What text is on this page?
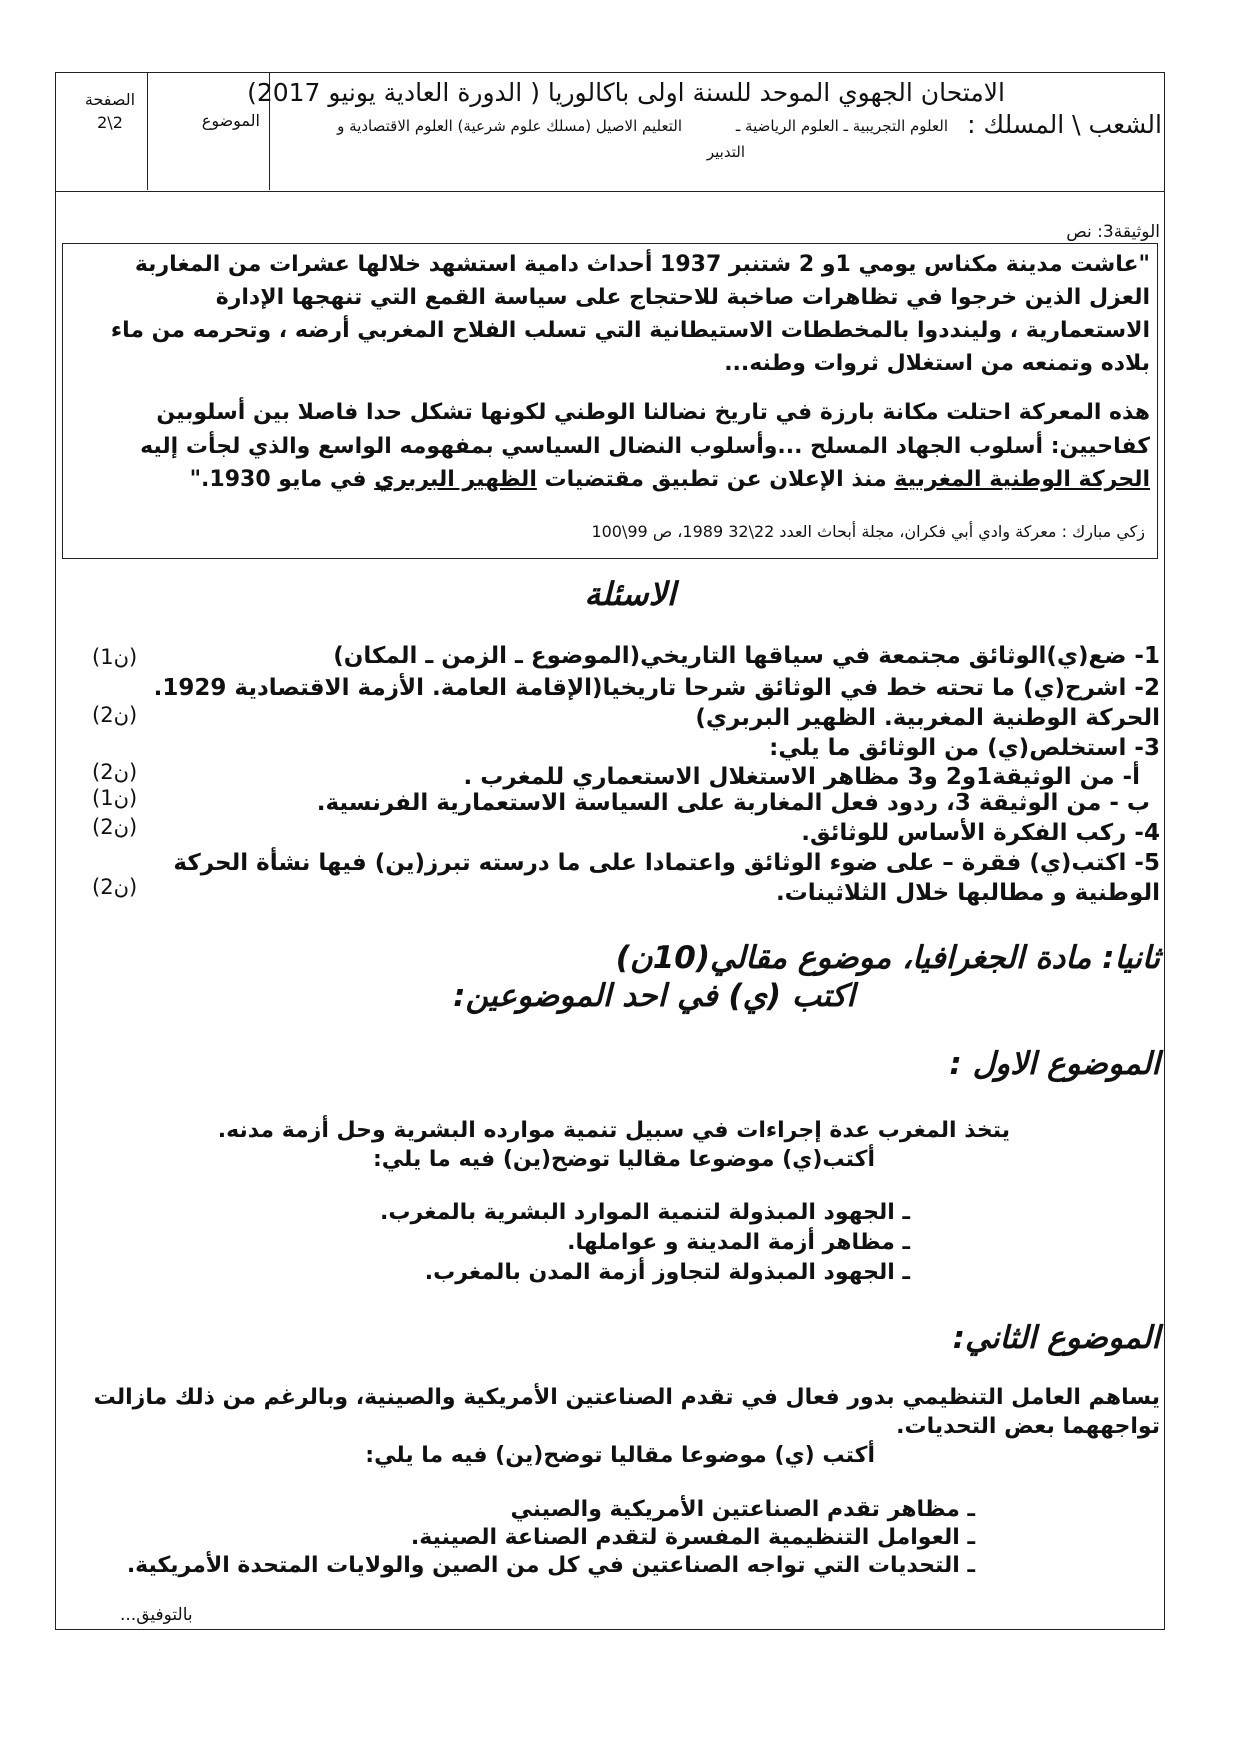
الامتحان الجهوي الموحد للسنة اولى باكالوريا ( الدورة العادية يونيو 2017)
اﻟﺸﻌﺐ \ اﻟﻤﺴﻠﻚ :
العلوم التجريبية ـ العلوم الرياضية ـ
التعليم الاصيل (مسلك علوم شرعية) العلوم الاقتصادية و
التدبير
الموضوع
الصفحة
2\2
الوثيقة3: نص
"عاشت مدينة مكناس يومي 1و 2 شتنبر 1937 أحداث دامية استشهد خلالها عشرات من المغاربة
العزل الذين خرجوا في تظاهرات صاخبة للاحتجاج على سياسة القمع التي تنهجها الإدارة
الاستعمارية ، ولينددوا بالمخططات الاستيطانية التي تسلب الفلاح المغربي أرضه ، وتحرمه من ماء
بلاده وتمنعه من استغلال ثروات وطنه...
هذه المعركة احتلت مكانة بارزة في تاريخ نضالنا الوطني لكونها تشكل حدا فاصلا بين أسلوبين
كفاحيين: أسلوب الجهاد المسلح ...وأسلوب النضال السياسي بمفهومه الواسع والذي لجأت إليه
الحركة الوطنية المغربية منذ الإعلان عن تطبيق مقتضيات الظهير البربري في مايو 1930."
زكي مبارك : معركة وادي أبي فكران، مجلة أبحاث العدد 22\32 1989، ص 99\100
الاسئلة
1- ضع(ي)الوثائق مجتمعة في سياقها التاريخي(الموضوع ـ الزمن ـ المكان)
(1ن)
2- اشرح(ي) ما تحته خط في الوثائق شرحا تاريخيا(الإقامة العامة. الأزمة الاقتصادية 1929.
الحركة الوطنية المغربية. الظهير البربري)
(2ن)
3- استخلص(ي) من الوثائق ما يلي:
أ- من الوثيقة1و2 و3 مظاهر الاستغلال الاستعماري للمغرب .
(2ن)
ب - من الوثيقة 3، ردود فعل المغاربة على السياسة الاستعمارية الفرنسية.
(1ن)
4- ركب الفكرة الأساس للوثائق.
(2ن)
5- اكتب(ي) فقرة – على ضوء الوثائق واعتمادا على ما درسته تبرز(ين) فيها نشأة الحركة
الوطنية و مطالبها خلال الثلاثينات.
(2ن)
ثانيا: مادة الجغرافيا، موضوع مقالي(10ن)
اكتب (ي) في احد الموضوعين:
الموضوع الاول :
يتخذ المغرب عدة إجراءات في سبيل تنمية موارده البشرية وحل أزمة مدنه.
أكتب(ي) موضوعا مقاليا توضح(ين) فيه ما يلي:
ـ الجهود المبذولة لتنمية الموارد البشرية بالمغرب.
ـ مظاهر أزمة المدينة و عواملها.
ـ الجهود المبذولة لتجاوز أزمة المدن بالمغرب.
الموضوع الثاني:
يساهم العامل التنظيمي بدور فعال في تقدم الصناعتين الأمريكية والصينية، وبالرغم من ذلك مازالت
تواجههما بعض التحديات.
أكتب (ي) موضوعا مقاليا توضح(ين) فيه ما يلي:
ـ مظاهر تقدم الصناعتين الأمريكية والصيني
ـ العوامل التنظيمية المفسرة لتقدم الصناعة الصينية.
ـ التحديات التي تواجه الصناعتين في كل من الصين والولايات المتحدة الأمريكية.
بالتوفيق...
